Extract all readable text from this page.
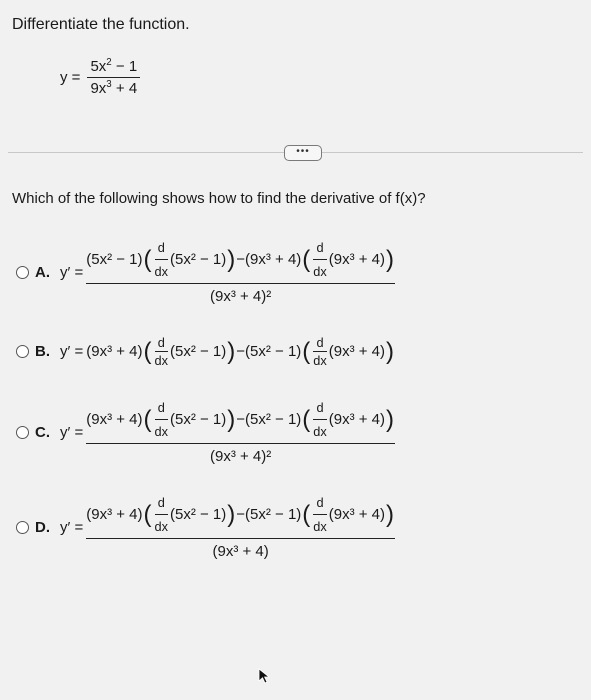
Differentiate the function.
$y = \frac{5x^2 - 1}{9x^3 + 4}$
•••
Which of the following shows how to find the derivative of f(x)?
A. y′ =
(5x² − 1) ( $\frac{d}{dx} (5x^2 - 1)$ ) − (9x³ + 4) ( $\frac{d}{dx} (9x^3 + 4)$ )
(9x³ + 4)²
B. y′ = (9x³ + 4) ( $\frac{d}{dx} (5x^2 - 1)$ ) − (5x² − 1) ( $\frac{d}{dx} (9x^3 + 4)$ )
C. y′ =
(9x³ + 4) ( $\frac{d}{dx} (5x^2 - 1)$ ) − (5x² − 1) ( $\frac{d}{dx} (9x^3 + 4)$ )
(9x³ + 4)²
D. y′ =
(9x³ + 4) ( $\frac{d}{dx} (5x^2 - 1)$ ) − (5x² − 1) ( $\frac{d}{dx} (9x^3 + 4)$ )
(9x³ + 4)
